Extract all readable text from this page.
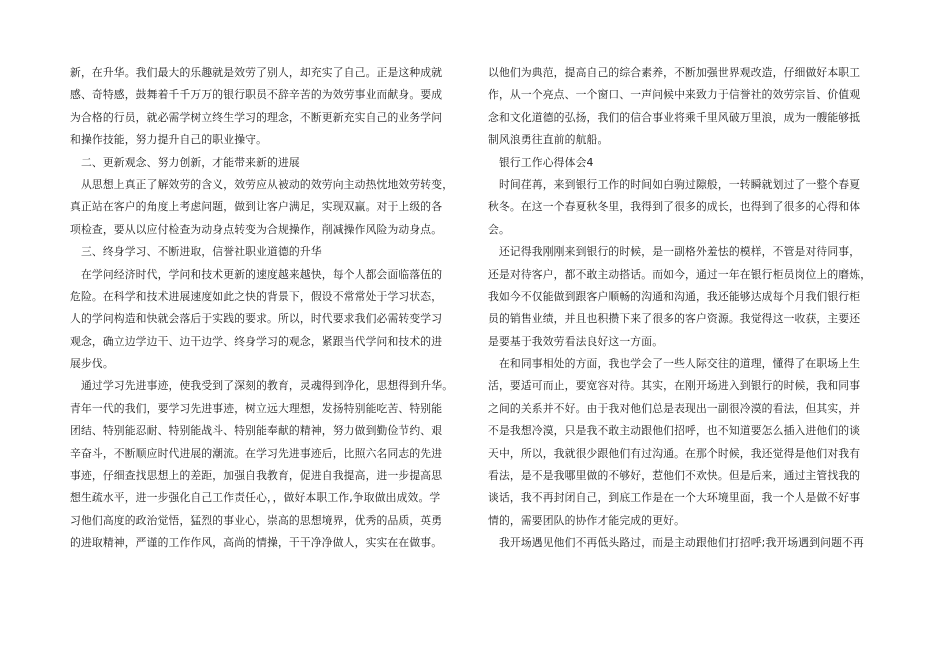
新，在升华。我们最大的乐趣就是效劳了别人，却充实了自己。正是这种成就
感、奇特感，鼓舞着千千万万的银行职员不辞辛苦的为效劳事业而献身。要成
为合格的行员，就必需学树立终生学习的理念，不断更新充实自己的业务学问
和操作技能，努力提升自己的职业操守。
　二、更新观念、努力创新，才能带来新的进展
　从思想上真正了解效劳的含义，效劳应从被动的效劳向主动热忱地效劳转变，
真正站在客户的角度上考虑问题，做到让客户满足，实现双赢。对于上级的各
项检查，要从以应付检查为动身点转变为合规操作，削减操作风险为动身点。
　三、终身学习、不断进取，信誉社职业道德的升华
　在学问经济时代，学问和技术更新的速度越来越快，每个人都会面临落伍的
危险。在科学和技术进展速度如此之快的背景下，假设不常常处于学习状态，
人的学问构造和快就会落后于实践的要求。所以，时代要求我们必需转变学习
观念，确立边学边干、边干边学、终身学习的观念，紧跟当代学问和技术的进
展步伐。
　通过学习先进事迹，使我受到了深刻的教育，灵魂得到净化，思想得到升华。
青年一代的我们，要学习先进事迹，树立远大理想，发扬特别能吃苦、特别能
团结、特别能忍耐、特别能战斗、特别能奉献的精神，努力做到勤俭节约、艰
辛奋斗，不断顺应时代进展的潮流。在学习先进事迹后，比照六名同志的先进
事迹，仔细查找思想上的差距，加强自我教育，促进自我提高，进一步提高思
想生疏水平，进一步强化自己工作责任心，，做好本职工作,争取做出成效。学
习他们高度的政治觉悟，猛烈的事业心，崇高的思想境界，优秀的品质，英勇
的进取精神，严谨的工作作风，高尚的情操，干干净净做人，实实在在做事。
以他们为典范，提高自己的综合素养，不断加强世界观改造，仔细做好本职工
作，从一个亮点、一个窗口、一声问候中来致力于信誉社的效劳宗旨、价值观
念和文化道德的弘扬，我们的信合事业将乘千里风破万里浪，成为一艘能够抵
制风浪勇往直前的航船。
　银行工作心得体会4
　时间荏苒，来到银行工作的时间如白驹过隙般，一转瞬就划过了一整个春夏
秋冬。在这一个春夏秋冬里，我得到了很多的成长，也得到了很多的心得和体
会。
　还记得我刚刚来到银行的时候，是一副格外羞怯的模样，不管是对待同事，
还是对待客户，都不敢主动搭话。而如今，通过一年在银行柜员岗位上的磨炼，
我如今不仅能做到跟客户顺畅的沟通和沟通，我还能够达成每个月我们银行柜
员的销售业绩，并且也积攒下来了很多的客户资源。我觉得这一收获，主要还
是要基于我效劳看法良好这一方面。
　在和同事相处的方面，我也学会了一些人际交往的道理，懂得了在职场上生
活，要适可而止，要宽容对待。其实，在刚开场进入到银行的时候，我和同事
之间的关系并不好。由于我对他们总是表现出一副很冷漠的看法，但其实，并
不是我想冷漠，只是我不敢主动跟他们招呼，也不知道要怎么插入进他们的谈
天中，所以，我就很少跟他们有过沟通。在那个时候，我还觉得是他们对我有
看法，是不是我哪里做的不够好，惹他们不欢快。但是后来，通过主管找我的
谈话，我不再封闭自己，到底工作是在一个大环境里面，我一个人是做不好事
情的，需要团队的协作才能完成的更好。
　我开场遇见他们不再低头路过，而是主动跟他们打招呼;我开场遇到问题不再
